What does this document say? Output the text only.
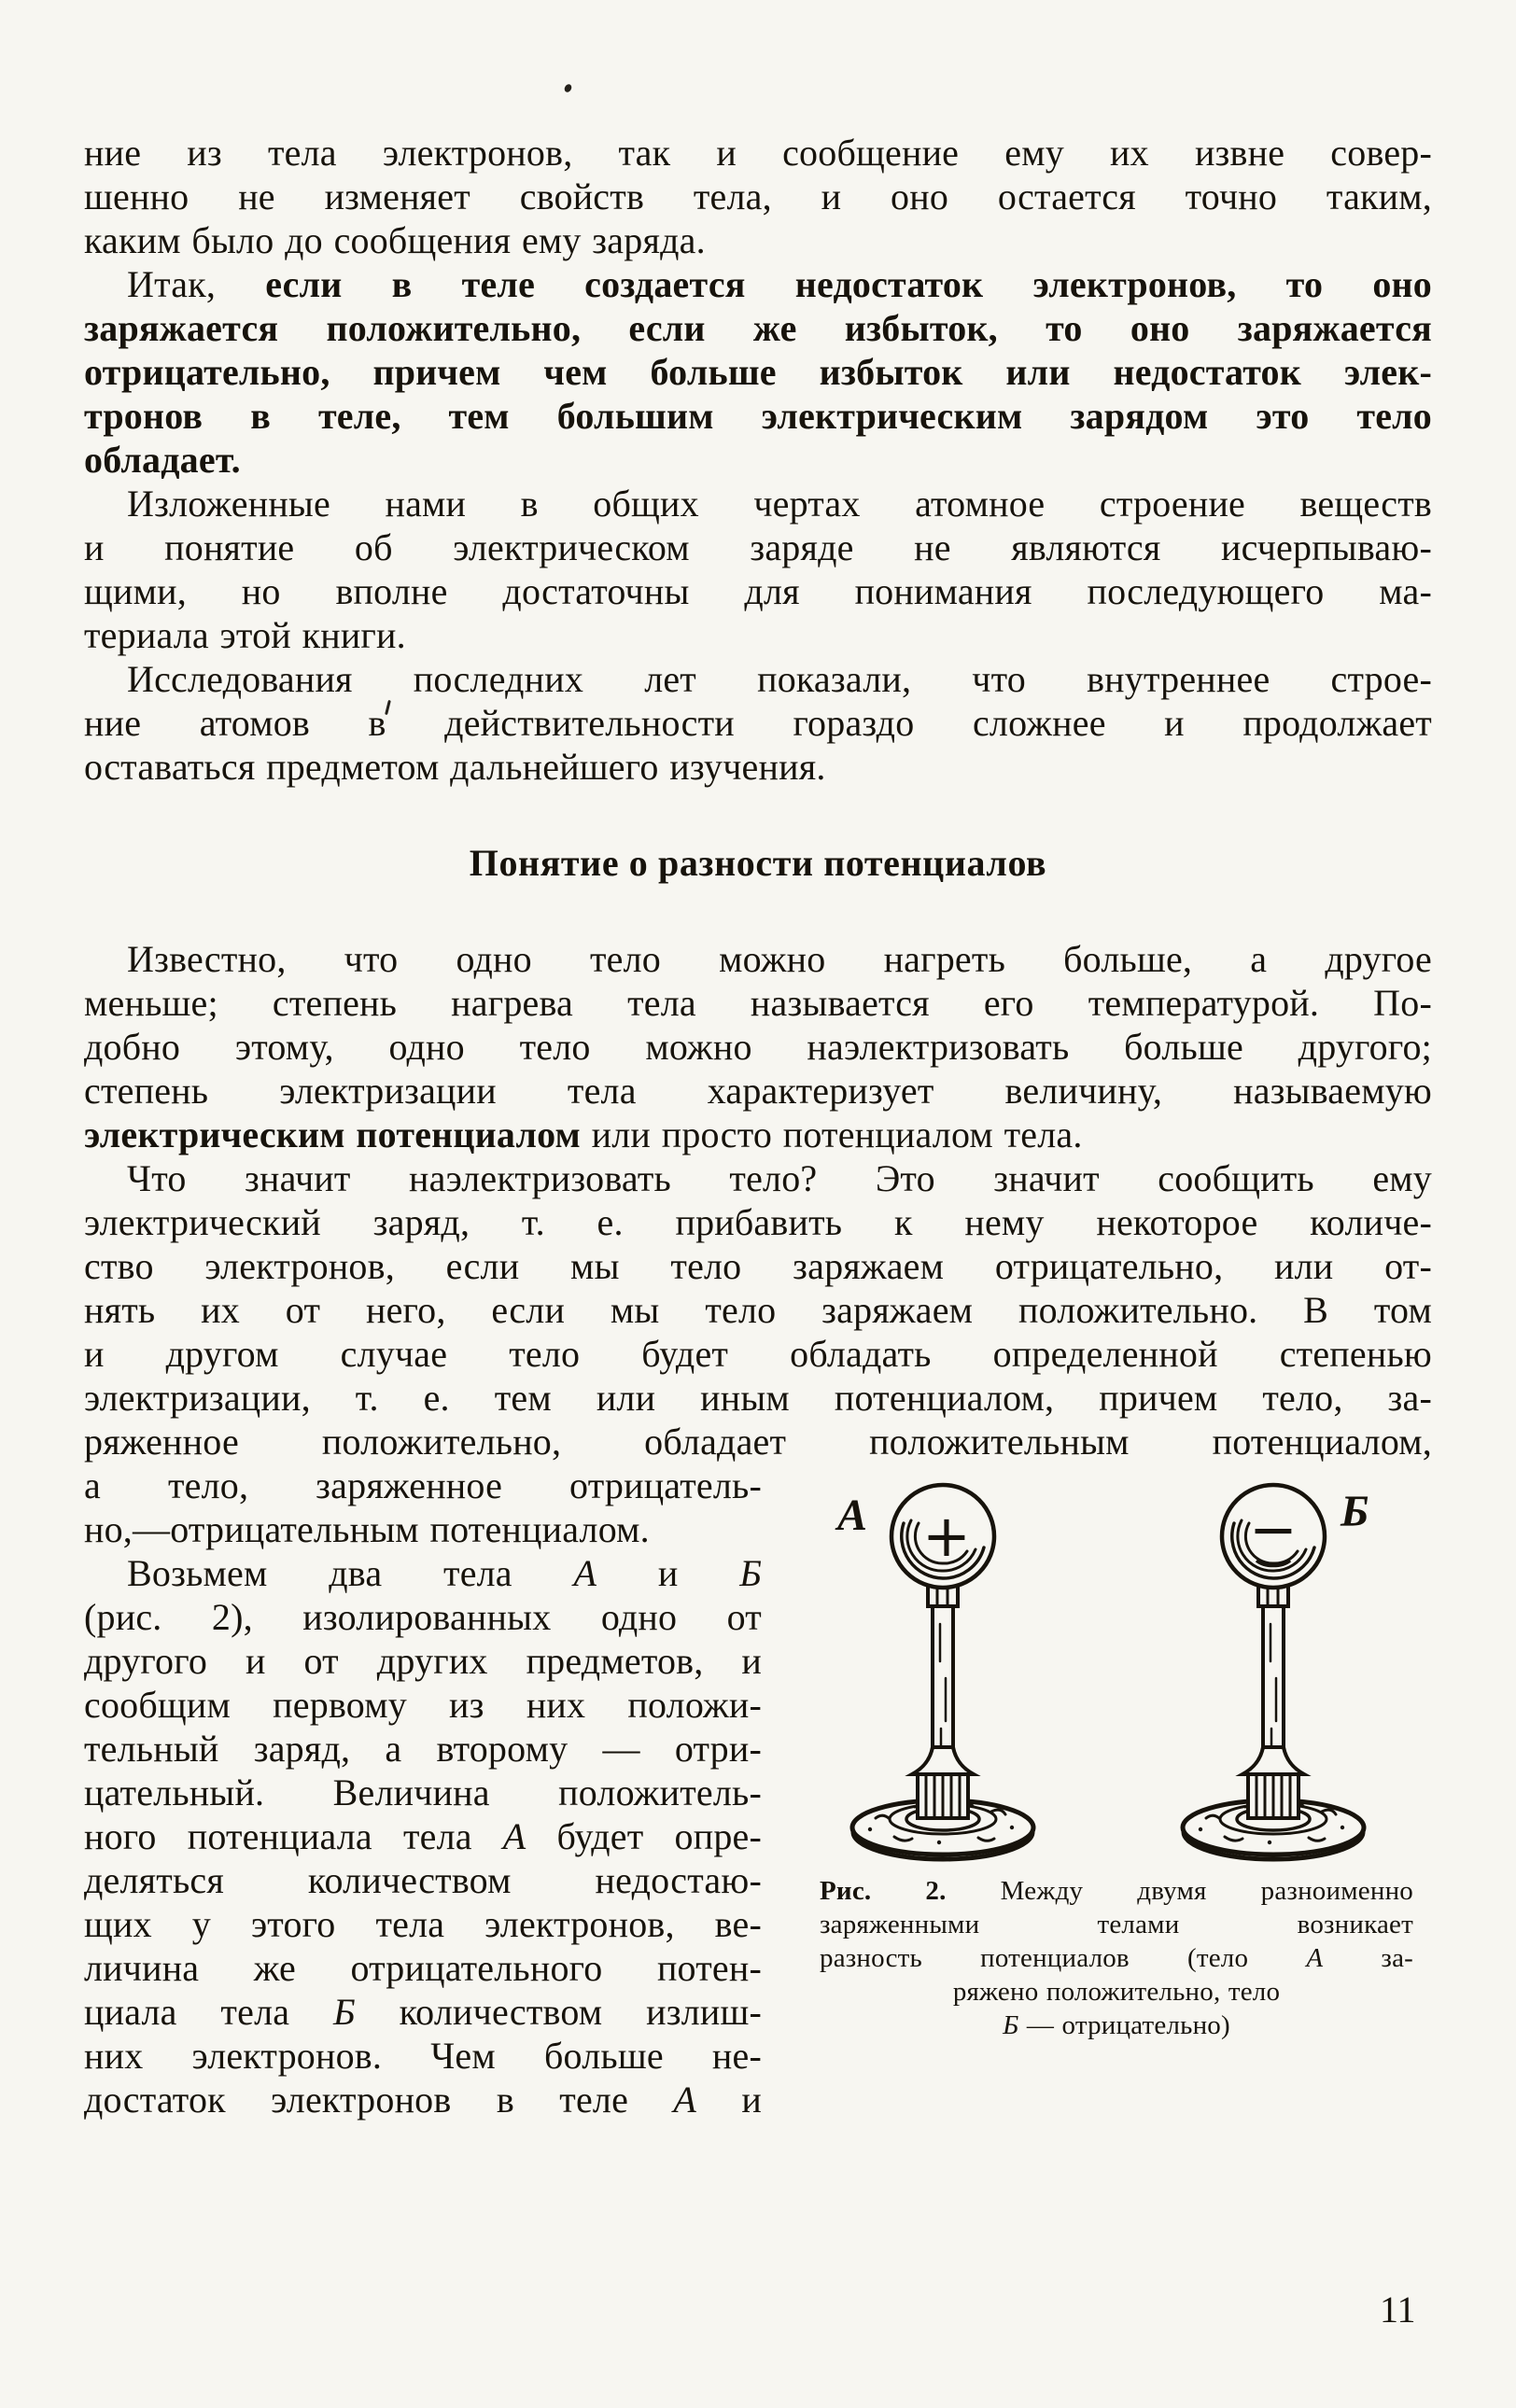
ние из тела электронов, так и сообщение ему их извне совер-
шенно не изменяет свойств тела, и оно остается точно таким,
каким было до сообщения ему заряда.
Итак, если в теле создается недостаток электронов, то оно
заряжается положительно, если же избыток, то оно заряжается
отрицательно, причем чем больше избыток или недостаток элек-
тронов в теле, тем большим электрическим зарядом это тело
обладает.
Изложенные нами в общих чертах атомное строение веществ
и понятие об электрическом заряде не являются исчерпываю-
щими, но вполне достаточны для понимания последующего ма-
териала этой книги.
Исследования последних лет показали, что внутреннее строе-
ние атомов в действительности гораздо сложнее и продолжает
оставаться предметом дальнейшего изучения.
Понятие о разности потенциалов
Известно, что одно тело можно нагреть больше, а другое
меньше; степень нагрева тела называется его температурой. По-
добно этому, одно тело можно наэлектризовать больше другого;
степень электризации тела характеризует величину, называемую
электрическим потенциалом или просто потенциалом тела.
Что значит наэлектризовать тело? Это значит сообщить ему
электрический заряд, т. е. прибавить к нему некоторое количе-
ство электронов, если мы тело заряжаем отрицательно, или от-
нять их от него, если мы тело заряжаем положительно. В том
и другом случае тело будет обладать определенной степенью
электризации, т. е. тем или иным потенциалом, причем тело, за-
ряженное положительно, обладает положительным потенциалом,
а тело, заряженное отрицатель-
но,—отрицательным потенциалом.
Возьмем два тела А и Б
(рис. 2), изолированных одно от
другого и от других предметов, и
сообщим первому из них положи-
тельный заряд, а второму — отри-
цательный. Величина положитель-
ного потенциала тела А будет опре-
деляться количеством недостаю-
щих у этого тела электронов, ве-
личина же отрицательного потен-
циала тела Б количеством излиш-
них электронов. Чем больше не-
достаток электронов в теле А и
+	−
А	Б
Рис. 2. Между двумя разноименно
заряженными телами возникает
разность потенциалов (тело А за-
ряжено положительно, тело
Б — отрицательно)
11
